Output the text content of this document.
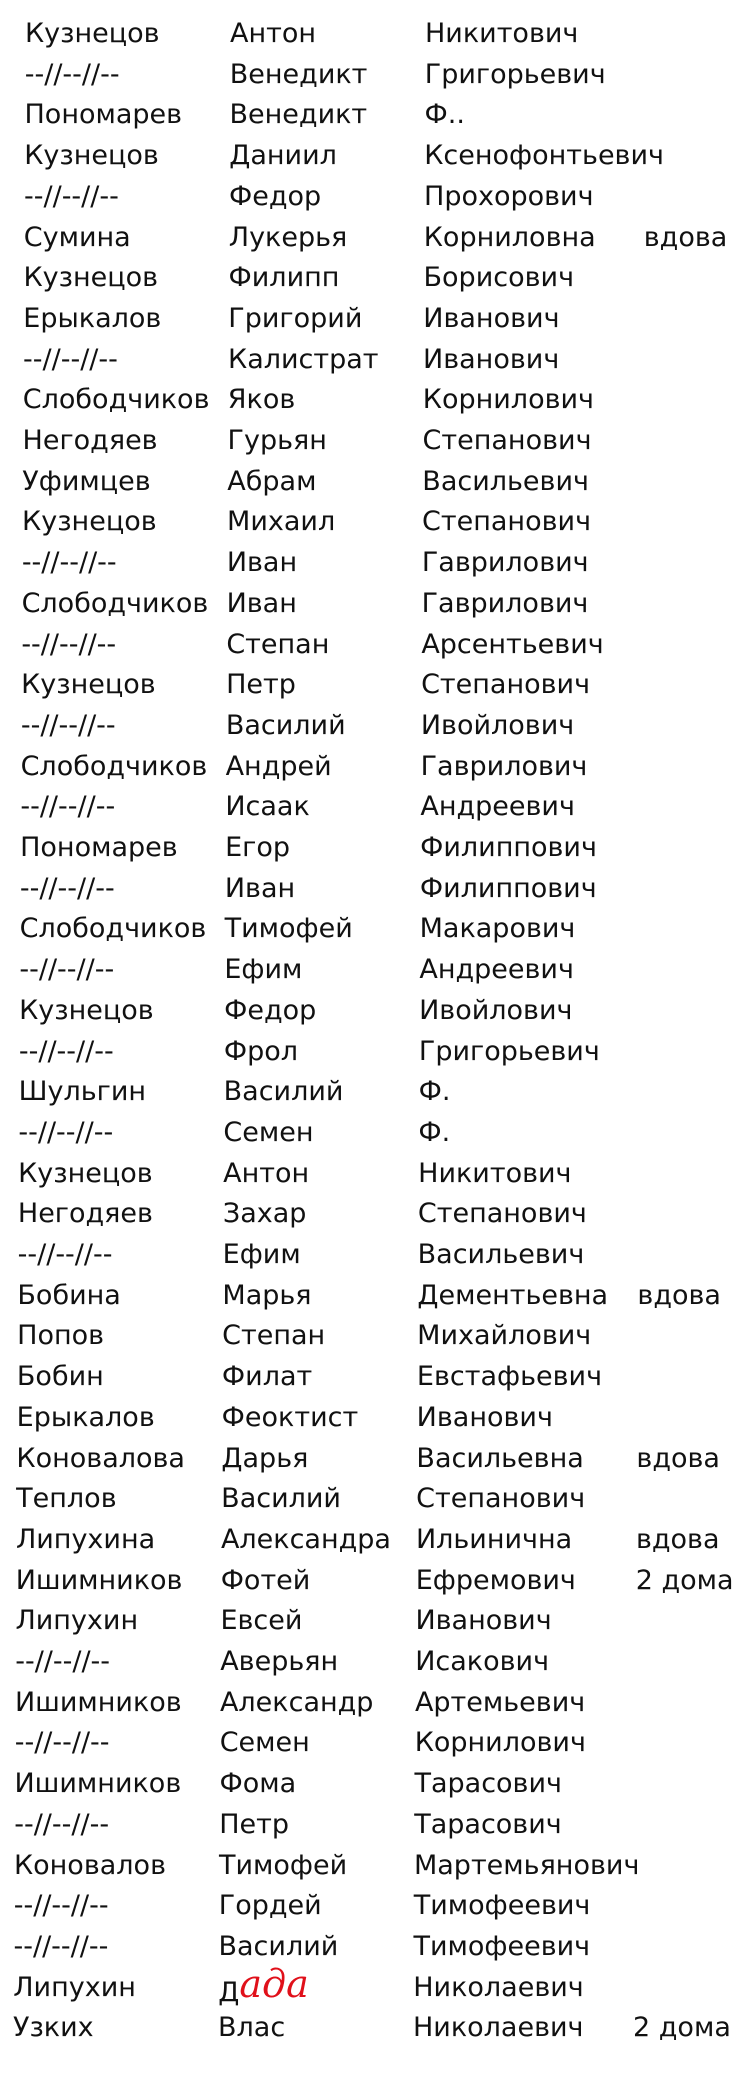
Кузнецов	Антон	Никитович
--//--//--	Венедикт Григорьевич
Пономарев Венедикт Ф..
Кузнецов	Даниил	Ксенофонтьевич
--//--//--	Федор	Прохорович
Сумина	Лукерья	Корниловна вдова
Кузнецов	Филипп	Борисович
Ерыкалов Григорий Иванович
--//--//--	Калистрат Иванович
Слободчиков Яков	Корнилович
Негодяев	Гурьян	Степанович
Уфимцев	Абрам	Васильевич
Кузнецов	Михаил	Степанович
--//--//--	Иван	Гаврилович
Слободчиков Иван	Гаврилович
--//--//--	Степан	Арсентьевич
Кузнецов	Петр	Степанович
--//--//--	Василий	Ивойлович
Слободчиков Андрей	Гаврилович
--//--//--	Исаак	Андреевич
Пономарев Егор	Филиппович
--//--//--	Иван	Филиппович
Слободчиков Тимофей Макарович
--//--//--	Ефим	Андреевич
Кузнецов	Федор	Ивойлович
--//--//--	Фрол	Григорьевич
Шульгин	Василий	Ф.
--//--//--	Семен	Ф.
Кузнецов	Антон	Никитович
Негодяев	Захар	Степанович
--//--//--	Ефим	Васильевич
Бобина	Марья	Дементьевна вдова
Попов	Степан	Михайлович
Бобин	Филат	Евстафьевич
Ерыкалов Феоктист Иванович
Коновалова Дарья	Васильевна вдова
Теплов	Василий	Степанович
Липухина Александра Ильинична вдова
Ишимников Фотей	Ефремович 2 дома
Липухин	Евсей	Иванович
--//--//--	Аверьян	Исакович
Ишимников Александр Артемьевич
--//--//--	Семен	Корнилович
Ишимников Фома	Тарасович
--//--//--	Петр	Тарасович
Коновалов Тимофей Мартемьянович
--//--//--	Гордей	Тимофеевич
--//--//--	Василий	Тимофеевич
Липухин	Дада	Николаевич
Узких	Влас	Николаевич 2 дома
